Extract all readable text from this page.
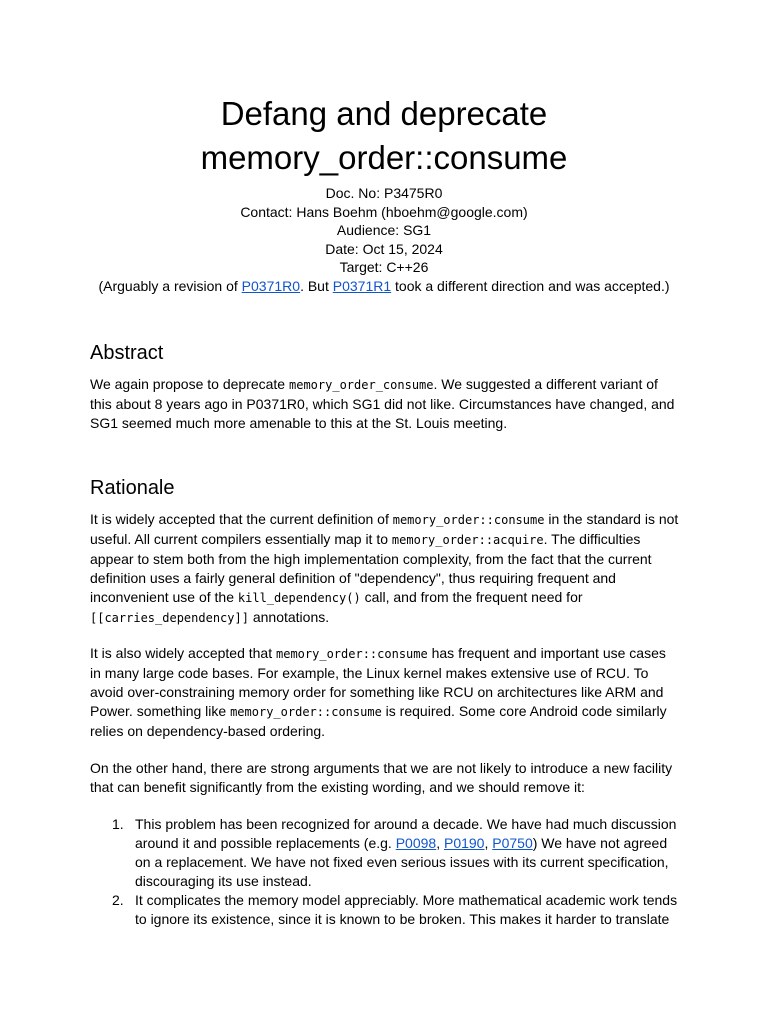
Defang and deprecate
memory_order::consume
Doc. No: P3475R0
Contact: Hans Boehm (hboehm@google.com)
Audience: SG1
Date: Oct 15, 2024
Target: C++26
(Arguably a revision of P0371R0. But P0371R1 took a different direction and was accepted.)
Abstract

We again propose to deprecate memory_order_consume. We suggested a different variant of this about 8 years ago in P0371R0, which SG1 did not like. Circumstances have changed, and SG1 seemed much more amenable to this at the St. Louis meeting.

Rationale

It is widely accepted that the current definition of memory_order::consume in the standard is not useful. All current compilers essentially map it to memory_order::acquire. The difficulties appear to stem both from the high implementation complexity, from the fact that the current definition uses a fairly general definition of "dependency", thus requiring frequent and inconvenient use of the kill_dependency() call, and from the frequent need for [[carries_dependency]] annotations.

It is also widely accepted that memory_order::consume has frequent and important use cases in many large code bases. For example, the Linux kernel makes extensive use of RCU. To avoid over-constraining memory order for something like RCU on architectures like ARM and Power. something like memory_order::consume is required. Some core Android code similarly relies on dependency-based ordering.

On the other hand, there are strong arguments that we are not likely to introduce a new facility that can benefit significantly from the existing wording, and we should remove it:

1. This problem has been recognized for around a decade. We have had much discussion around it and possible replacements (e.g. P0098, P0190, P0750) We have not agreed on a replacement. We have not fixed even serious issues with its current specification, discouraging its use instead.
2. It complicates the memory model appreciably. More mathematical academic work tends to ignore its existence, since it is known to be broken. This makes it harder to translate
